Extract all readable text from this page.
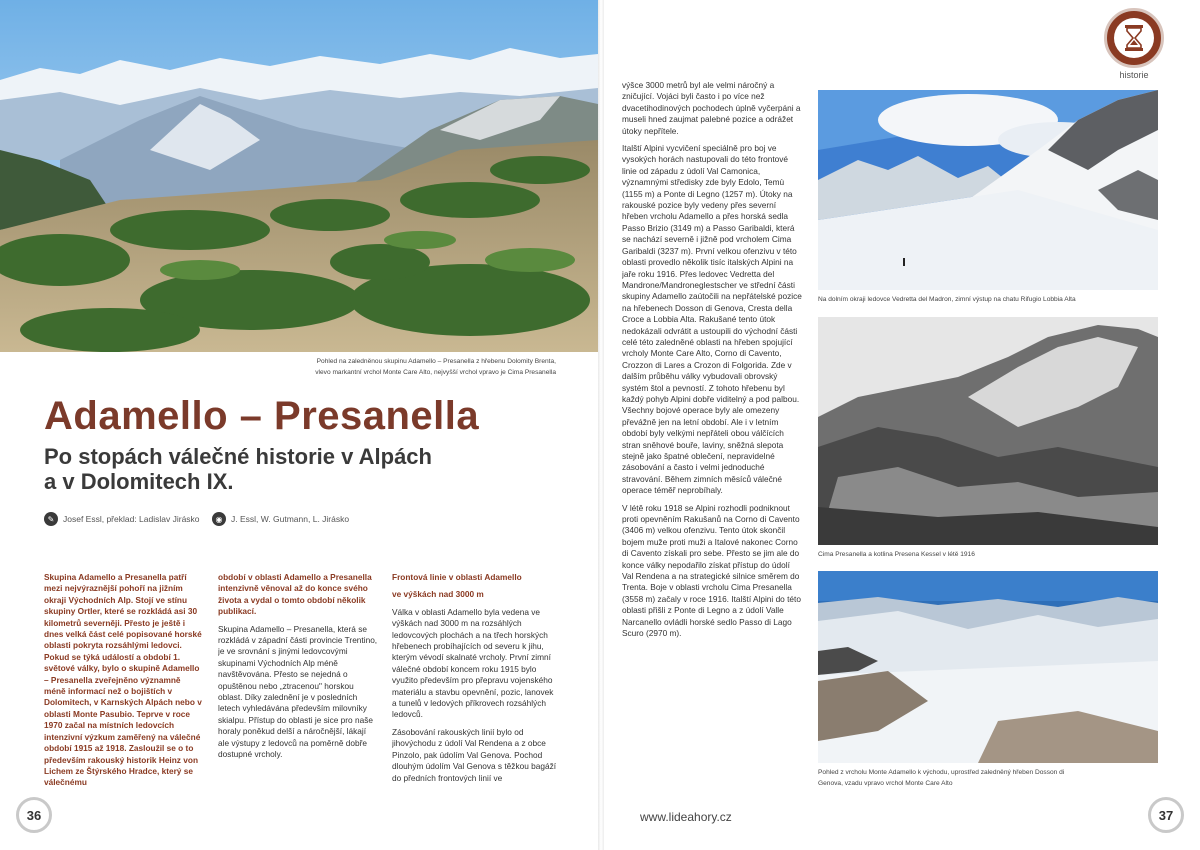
Pohled na zaledněnou skupinu Adamello – Presanella z hřebenu Dolomity Brenta,
vlevo markantní vrchol Monte Care Alto, nejvyšší vrchol vpravo je Cima Presanella
Adamello – Presanella
Po stopách válečné historie v Alpách
a v Dolomitech IX.
✎	Josef Essl, překlad: Ladislav Jirásko	◉	J. Essl, W. Gutmann, L. Jirásko

Skupina Adamello a Presanella patří mezi nejvýraznější pohoří na jižním okraji Východních Alp. Stojí ve stínu skupiny Ortler, které se rozkládá asi 30 kilometrů severněji. Přesto je ještě i dnes velká část celé popisované horské oblasti pokryta rozsáhlými ledovci. Pokud se týká událostí a období 1. světové války, bylo o skupině Adamello – Presanella zveřejněno významně méně informací než o bojištích v Dolomitech, v Karnských Alpách nebo v oblasti Monte Pasubio. Teprve v roce 1970 začal na místních ledovcích intenzivní výzkum zaměřený na válečné období 1915 až 1918. Zasloužil se o to především rakouský historik Heinz von Lichem ze Štýrského Hradce, který se válečnému

období v oblasti Adamello a Presanella intenzivně věnoval až do konce svého života a vydal o tomto období několik publikací.

Skupina Adamello – Presanella, která se rozkládá v západní části provincie Trentino, je ve srovnání s jinými ledovcovými skupinami Východních Alp méně navštěvována. Přesto se nejedná o opuštěnou nebo „ztracenou" horskou oblast. Díky zalednění je v posledních letech vyhledávána především milovníky skialpu. Přístup do oblasti je sice pro naše horaly poněkud delší a náročnější, lákají ale výstupy z ledovců na poměrně dobře dostupné vrcholy.

Frontová linie v oblasti Adamello

ve výškách nad 3000 m

Válka v oblasti Adamello byla vedena ve výškách nad 3000 m na rozsáhlých ledovcových plochách a na třech horských hřebenech probíhajících od severu k jihu, kterým vévodí skalnaté vrcholy. První zimní válečné období koncem roku 1915 bylo využito především pro přepravu vojenského materiálu a stavbu opevnění, pozic, lanovek a tunelů v ledových příkrovech rozsáhlých ledovců.

Zásobování rakouských linií bylo od jihovýchodu z údolí Val Rendena a z obce Pinzolo, pak údolím Val Genova. Pochod dlouhým údolím Val Genova s těžkou bagáží do předních frontových linií ve

36
historie

výšce 3000 metrů byl ale velmi náročný a zničující. Vojáci byli často i po více než dvacetihodinových pochodech úplně vyčerpáni a museli hned zaujmat palebné pozice a odrážet útoky nepřítele.

Italští Alpini vycvičení speciálně pro boj ve vysokých horách nastupovali do této frontové linie od západu z údolí Val Camonica, významnými středisky zde byly Edolo, Temù (1155 m) a Ponte di Legno (1257 m). Útoky na rakouské pozice byly vedeny přes severní hřeben vrcholu Adamello a přes horská sedla Passo Brizio (3149 m) a Passo Garibaldi, která se nachází severně i jižně pod vrcholem Cima Garibaldi (3237 m). První velkou ofenzivu v této oblasti provedlo několik tisíc italských Alpini na jaře roku 1916. Přes ledovec Vedretta del Mandrone/Mandroneglestscher ve střední části skupiny Adamello zaútočili na nepřátelské pozice na hřebenech Dosson di Genova, Cresta della Croce a Lobbia Alta. Rakušané tento útok nedokázali odvrátit a ustoupili do východní části celé této zaledněné oblasti na hřeben spojující vrcholy Monte Care Alto, Corno di Cavento, Crozzon di Lares a Crozon di Folgorida. Zde v dalším průběhu války vybudovali obrovský systém štol a pevností. Z tohoto hřebenu byl každý pohyb Alpini dobře viditelný a pod palbou. Všechny bojové operace byly ale omezeny převážně jen na letní období. Ale i v letním období byly velkými nepřáteli obou válčících stran sněhové bouře, laviny, sněžná slepota stejně jako špatné oblečení, nepravidelné zásobování a často i velmi jednoduché stravování. Během zimních měsíců válečné operace téměř neprobíhaly.

V létě roku 1918 se Alpini rozhodli podniknout proti opevněním Rakušanů na Corno di Cavento (3406 m) velkou ofenzivu. Tento útok skončil bojem muže proti muži a Italové nakonec Corno di Cavento získali pro sebe. Přesto se jim ale do konce války nepodařilo získat přístup do údolí Val Rendena a na strategické silnice směrem do Trenta. Boje v oblasti vrcholu Cima Presanella (3558 m) začaly v roce 1916. Italští Alpini do této oblasti přišli z Ponte di Legno a z údolí Valle Narcanello ovládli horské sedlo Passo di Lago Scuro (2970 m).

Na dolním okraji ledovce Vedretta del Madron, zimní výstup na chatu Rifugio Lobbia Alta
Cima Presanella a kotlina Presena Kessel v létě 1916
Pohled z vrcholu Monte Adamello k východu, uprostřed zaledněný hřeben Dosson di
Genova, vzadu vpravo vrchol Monte Care Alto
www.lideahory.cz	37
